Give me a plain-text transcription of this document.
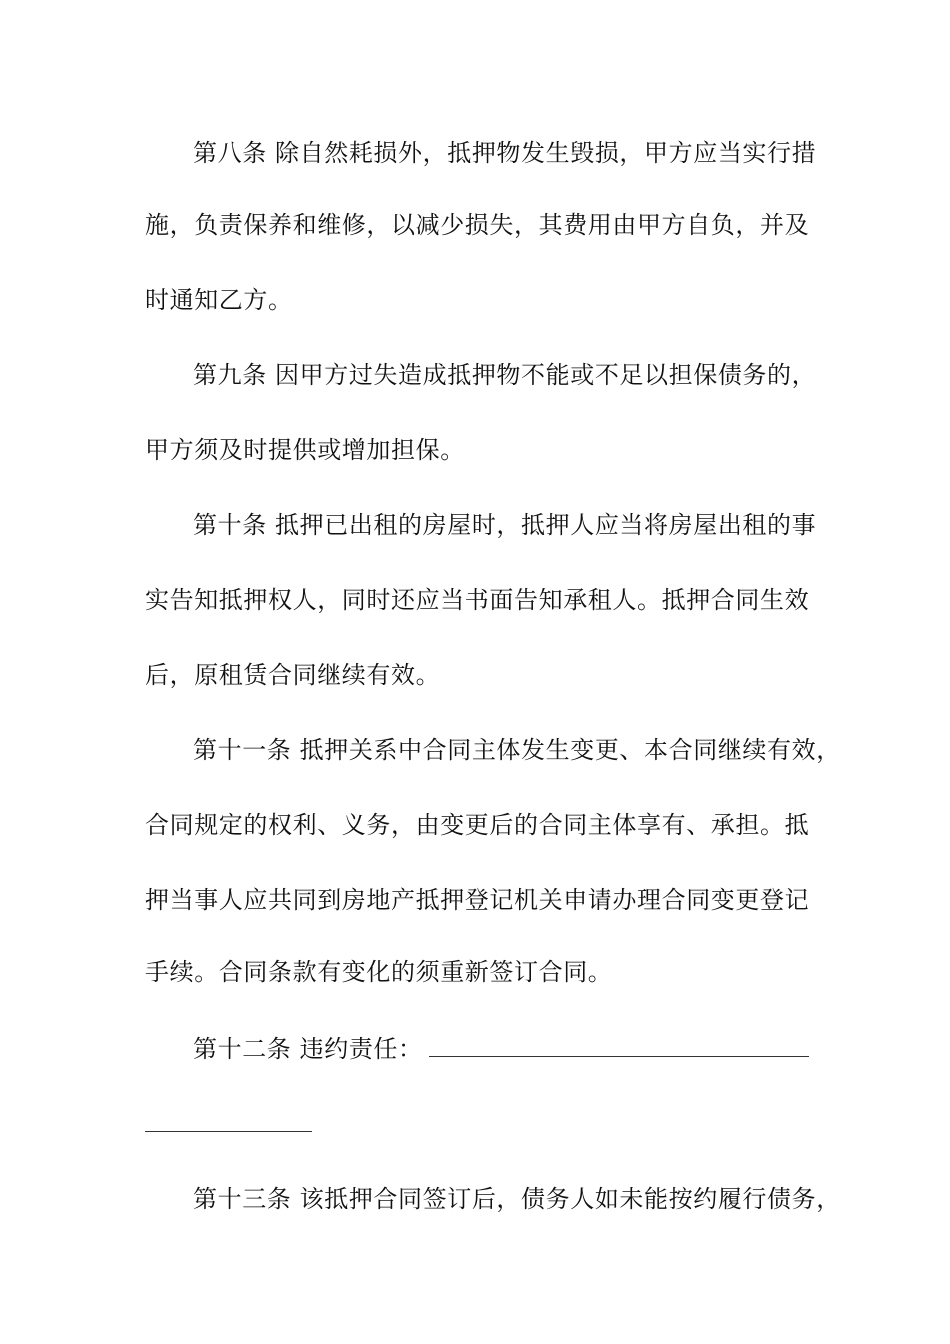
第八条 除自然耗损外，抵押物发生毁损，甲方应当实行措
施，负责保养和维修，以减少损失，其费用由甲方自负，并及
时通知乙方。
第九条 因甲方过失造成抵押物不能或不足以担保债务的，
甲方须及时提供或增加担保。
第十条 抵押已出租的房屋时，抵押人应当将房屋出租的事
实告知抵押权人，同时还应当书面告知承租人。抵押合同生效
后，原租赁合同继续有效。
第十一条 抵押关系中合同主体发生变更、本合同继续有效，
合同规定的权利、义务，由变更后的合同主体享有、承担。抵
押当事人应共同到房地产抵押登记机关申请办理合同变更登记
手续。合同条款有变化的须重新签订合同。
第十二条 违约责任：
第十三条 该抵押合同签订后，债务人如未能按约履行债务，
